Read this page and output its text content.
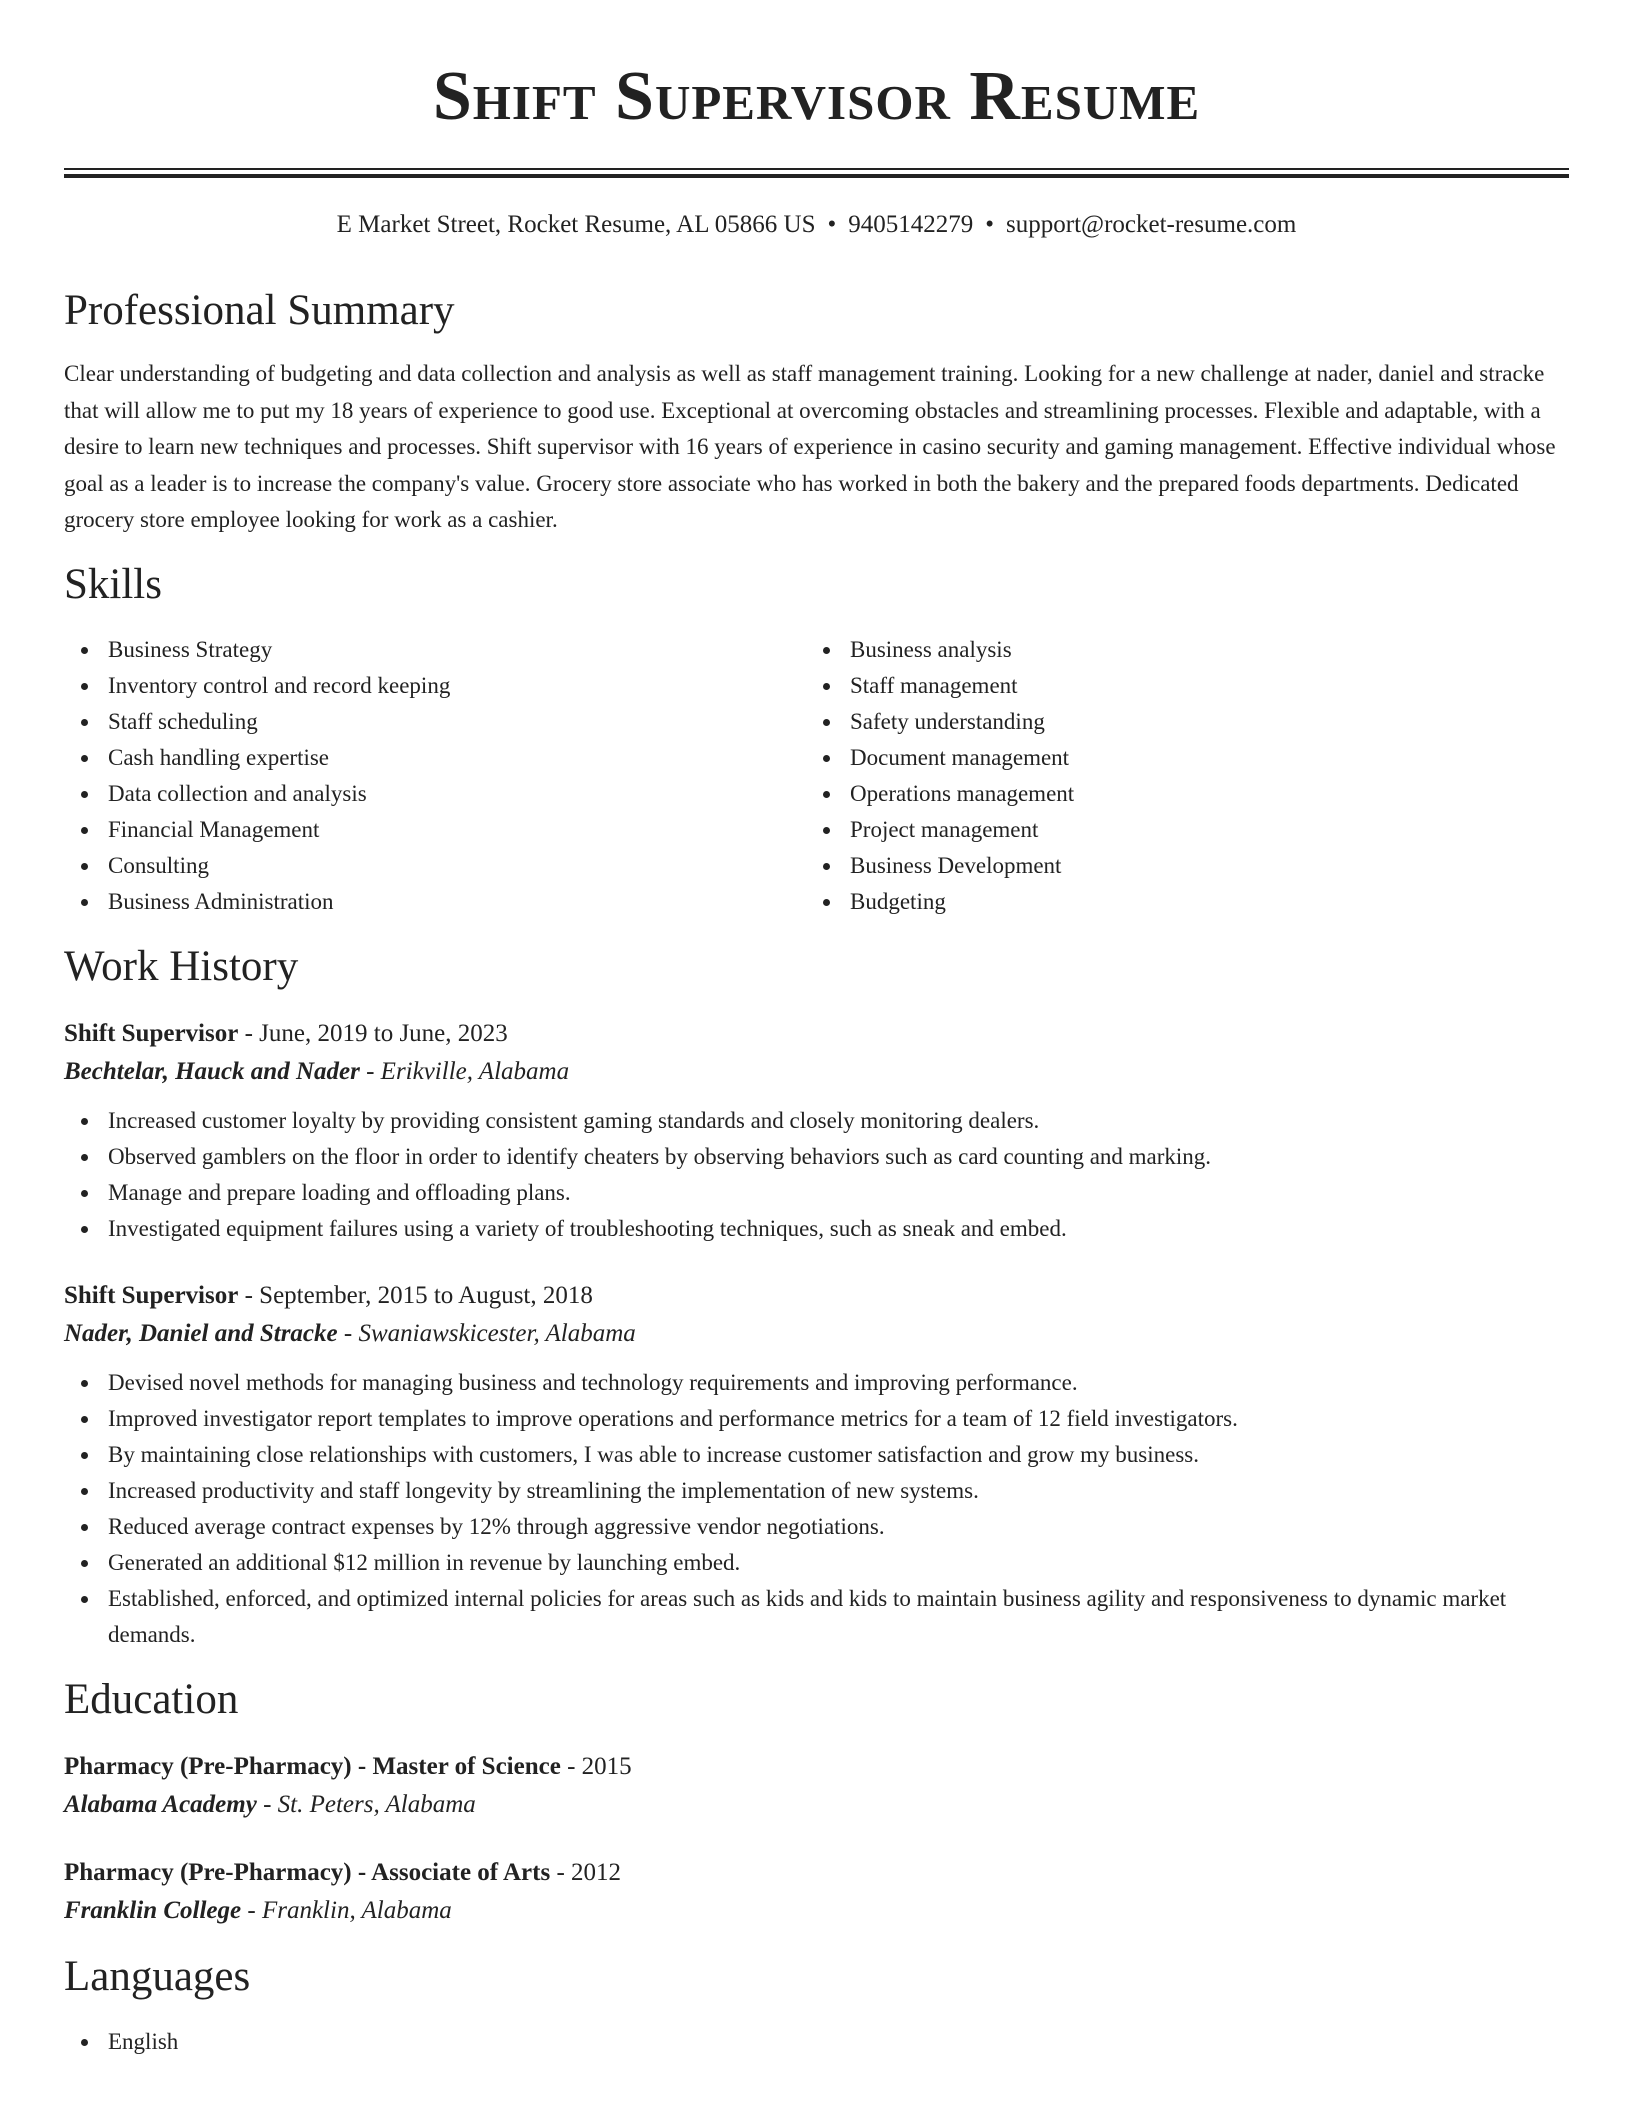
Shift Supervisor Resume
E Market Street, Rocket Resume, AL 05866 US • 9405142279 • support@rocket-resume.com
Professional Summary

Clear understanding of budgeting and data collection and analysis as well as staff management training. Looking for a new challenge at nader, daniel and stracke that will allow me to put my 18 years of experience to good use. Exceptional at overcoming obstacles and streamlining processes. Flexible and adaptable, with a desire to learn new techniques and processes. Shift supervisor with 16 years of experience in casino security and gaming management. Effective individual whose goal as a leader is to increase the company's value. Grocery store associate who has worked in both the bakery and the prepared foods departments. Dedicated grocery store employee looking for work as a cashier.

Skills
Business Strategy
Inventory control and record keeping
Staff scheduling
Cash handling expertise
Data collection and analysis
Financial Management
Consulting
Business Administration
Business analysis
Staff management
Safety understanding
Document management
Operations management
Project management
Business Development
Budgeting
Work History
Shift Supervisor - June, 2019 to June, 2023
Bechtelar, Hauck and Nader - Erikville, Alabama
Increased customer loyalty by providing consistent gaming standards and closely monitoring dealers.
Observed gamblers on the floor in order to identify cheaters by observing behaviors such as card counting and marking.
Manage and prepare loading and offloading plans.
Investigated equipment failures using a variety of troubleshooting techniques, such as sneak and embed.
Shift Supervisor - September, 2015 to August, 2018
Nader, Daniel and Stracke - Swaniawskicester, Alabama
Devised novel methods for managing business and technology requirements and improving performance.
Improved investigator report templates to improve operations and performance metrics for a team of 12 field investigators.
By maintaining close relationships with customers, I was able to increase customer satisfaction and grow my business.
Increased productivity and staff longevity by streamlining the implementation of new systems.
Reduced average contract expenses by 12% through aggressive vendor negotiations.
Generated an additional $12 million in revenue by launching embed.
Established, enforced, and optimized internal policies for areas such as kids and kids to maintain business agility and responsiveness to dynamic market demands.
Education
Pharmacy (Pre-Pharmacy) - Master of Science - 2015
Alabama Academy - St. Peters, Alabama
Pharmacy (Pre-Pharmacy) - Associate of Arts - 2012
Franklin College - Franklin, Alabama
Languages
English
